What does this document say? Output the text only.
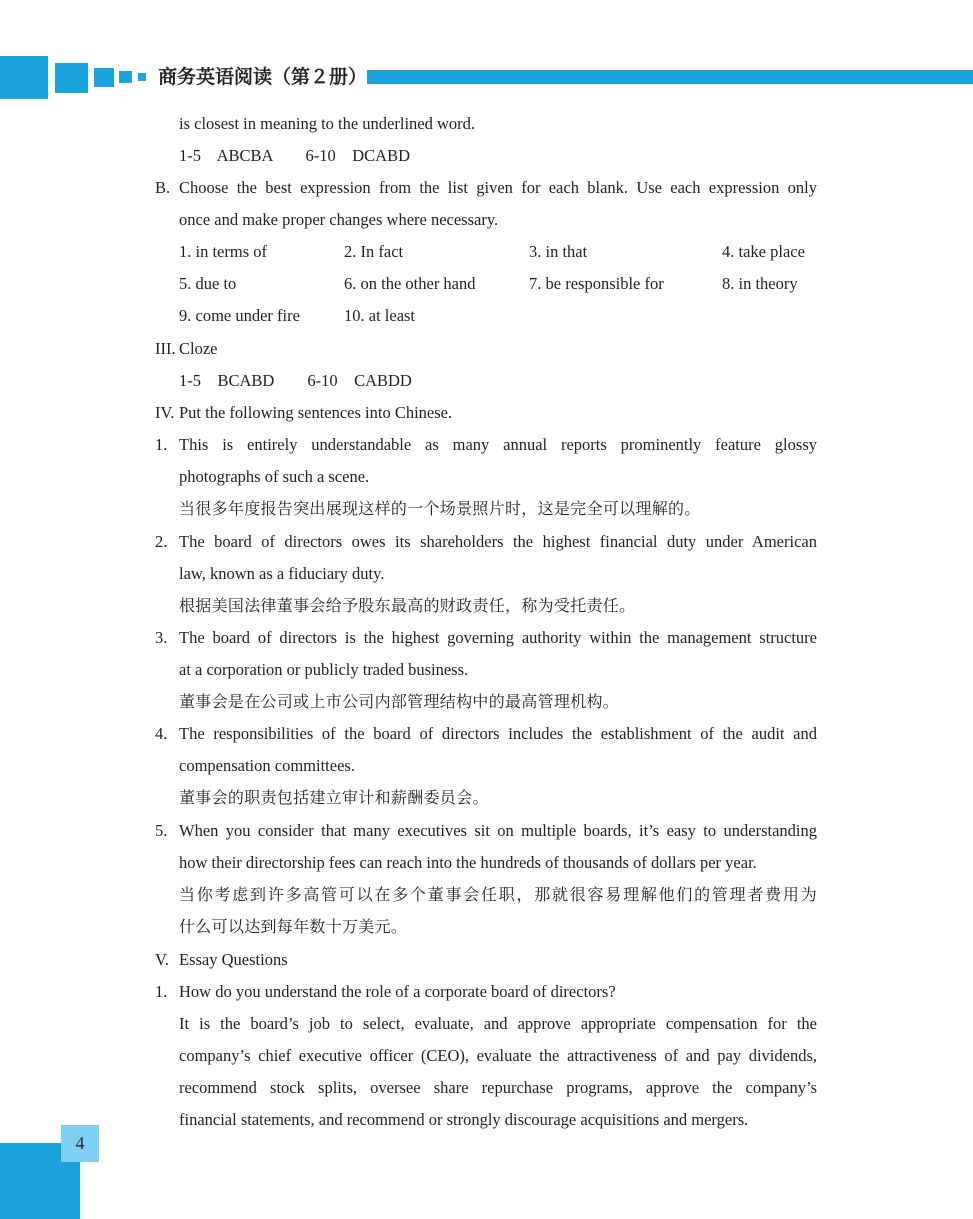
商务英语阅读（第２册）
is closest in meaning to the underlined word.
1-5    ABCBA        6-10    DCABD
B. Choose the best expression from the list given for each blank. Use each expression only
once and make proper changes where necessary.
1. in terms of	2. In fact	3. in that	4. take place
5. due to	6. on the other hand	7. be responsible for	8. in theory
9. come under fire	10. at least
III. Cloze
1-5    BCABD        6-10    CABDD
IV. Put the following sentences into Chinese.
1. This is entirely understandable as many annual reports prominently feature glossy
photographs of such a scene.
当很多年度报告突出展现这样的一个场景照片时，这是完全可以理解的。
2. The board of directors owes its shareholders the highest financial duty under American
law, known as a fiduciary duty.
根据美国法律董事会给予股东最高的财政责任，称为受托责任。
3. The board of directors is the highest governing authority within the management structure
at a corporation or publicly traded business.
董事会是在公司或上市公司内部管理结构中的最高管理机构。
4. The responsibilities of the board of directors includes the establishment of the audit and
compensation committees.
董事会的职责包括建立审计和薪酬委员会。
5. When you consider that many executives sit on multiple boards, it’s easy to understanding
how their directorship fees can reach into the hundreds of thousands of dollars per year.
当你考虑到许多高管可以在多个董事会任职，那就很容易理解他们的管理者费用为
什么可以达到每年数十万美元。
V. Essay Questions
1. How do you understand the role of a corporate board of directors?
It is the board’s job to select, evaluate, and approve appropriate compensation for the
company’s chief executive officer (CEO), evaluate the attractiveness of and pay dividends,
recommend stock splits, oversee share repurchase programs, approve the company’s
financial statements, and recommend or strongly discourage acquisitions and mergers.
4
